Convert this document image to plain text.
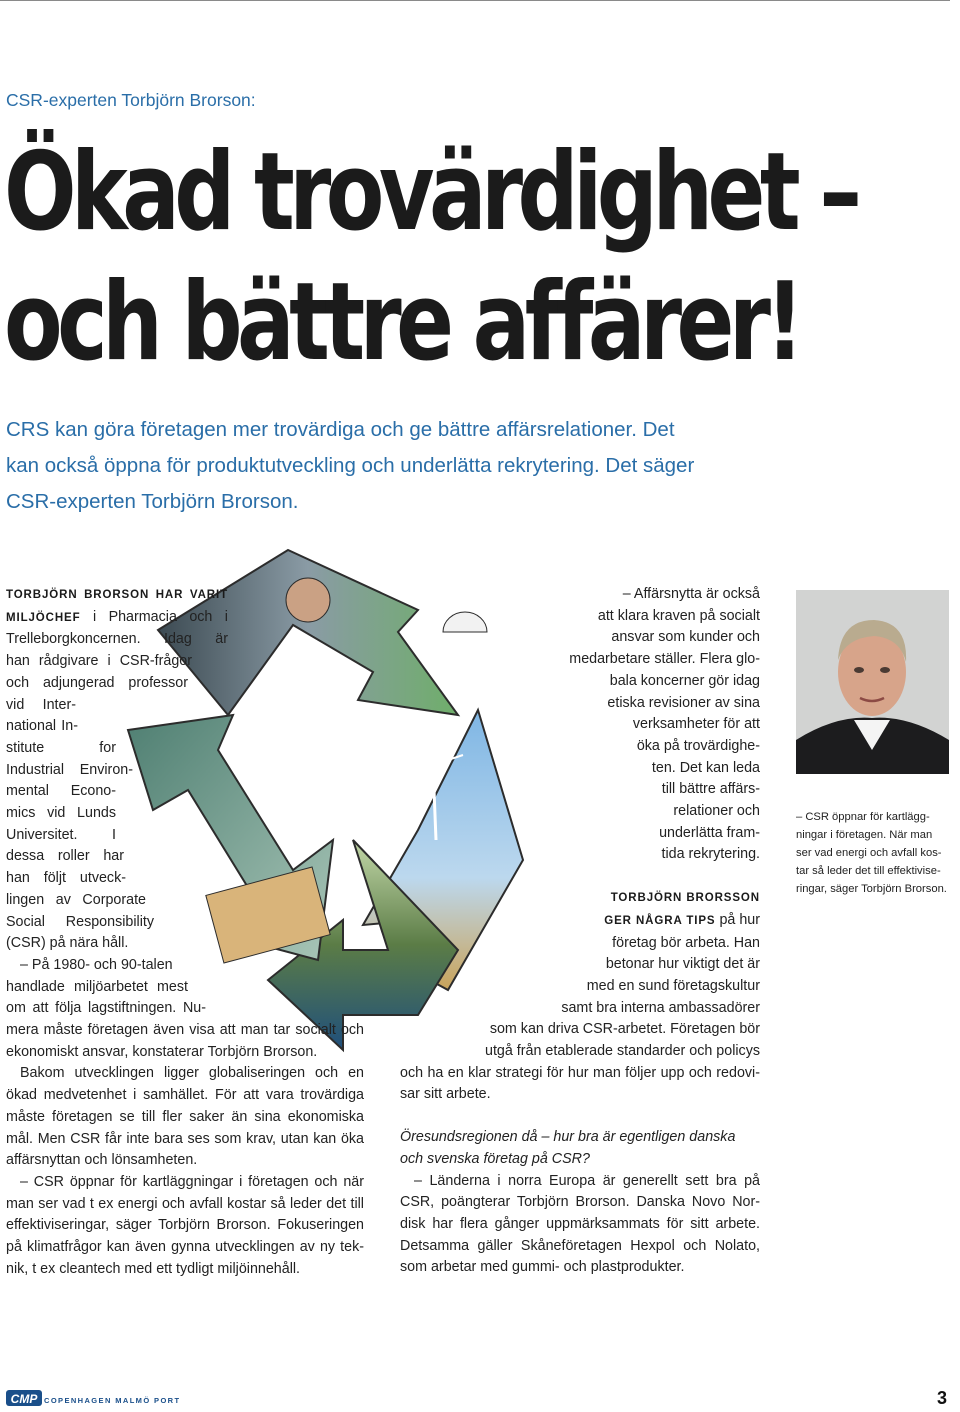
CSR-experten Torbjörn Brorson:
Ökad trovärdighet –
och bättre affärer!

CRS kan göra företagen mer trovärdiga och ge bättre affärsrelationer. Det
kan också öppna för produktutveckling och underlätta rekrytering. Det säger
CSR-experten Torbjörn Brorson.

TORBJÖRN BRORSON HAR VARIT

MILJÖCHEF i Pharmacia och i

Trelleborgkoncernen. Idag är

han rådgivare i CSR-frågor

och adjungerad professor

vid Inter-

national In-

stitute for

Industrial Environ-

mental Econo-

mics vid Lunds

Universitet. I

dessa roller har

han följt utveck-

lingen av Corporate

Social Responsibility

(CSR) på nära håll.

– På 1980- och 90-talen

handlade miljöarbetet mest

om att följa lagstiftningen. Nu-

mera måste företagen även visa att man tar socialt och

ekonomiskt ansvar, konstaterar Torbjörn Brorson.

Bakom utvecklingen ligger globaliseringen och en

ökad medvetenhet i samhället. För att vara trovärdiga

måste företagen se till fler saker än sina ekonomiska

mål. Men CSR får inte bara ses som krav, utan kan öka

affärsnyttan och lönsamheten.

– CSR öppnar för kartläggningar i företagen och när

man ser vad t ex energi och avfall kostar så leder det till

effektiviseringar, säger Torbjörn Brorson. Fokuseringen

på klimatfrågor kan även gynna utvecklingen av ny tek-

nik, t ex cleantech med ett tydligt miljöinnehåll.

– Affärsnytta är också

att klara kraven på socialt

ansvar som kunder och

medarbetare ställer. Flera glo-

bala koncerner gör idag

etiska revisioner av sina

verksamheter för att

öka på trovärdighe-

ten. Det kan leda

till bättre affärs-

relationer och

underlätta fram-

tida rekrytering.

TORBJÖRN BRORSSON

GER NÅGRA TIPS på hur

företag bör arbeta. Han

betonar hur viktigt det är

med en sund företagskultur

samt bra interna ambassadörer

som kan driva CSR-arbetet. Företagen bör

utgå från etablerade standarder och policys

och ha en klar strategi för hur man följer upp och redovi-

sar sitt arbete.

Öresundsregionen då – hur bra är egentligen danska

och svenska företag på CSR?

– Länderna i norra Europa är generellt sett bra på

CSR, poängterar Torbjörn Brorson. Danska Novo Nor-

disk har flera gånger uppmärksammats för sitt arbete.

Detsamma gäller Skåneföretagen Hexpol och Nolato,

som arbetar med gummi- och plastprodukter.

– CSR öppnar för kartlägg-

ningar i företagen. När man

ser vad energi och avfall kos-

tar så leder det till effektivise-

ringar, säger Torbjörn Brorson.

CMP COPENHAGEN MALMÖ PORT	3
